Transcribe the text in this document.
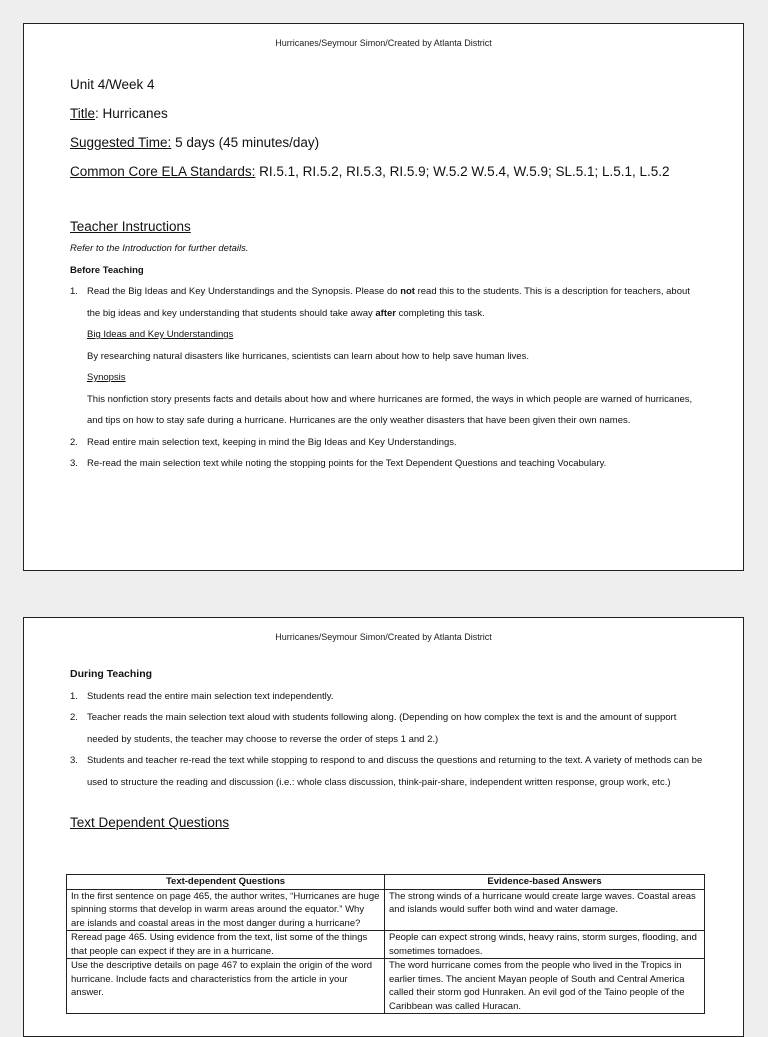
Hurricanes/Seymour Simon/Created by Atlanta District
Unit 4/Week 4
Title: Hurricanes
Suggested Time: 5 days (45 minutes/day)
Common Core ELA Standards: RI.5.1, RI.5.2, RI.5.3, RI.5.9; W.5.2 W.5.4, W.5.9; SL.5.1; L.5.1, L.5.2
Teacher Instructions
Refer to the Introduction for further details.
Before Teaching
1. Read the Big Ideas and Key Understandings and the Synopsis. Please do not read this to the students. This is a description for teachers, about the big ideas and key understanding that students should take away after completing this task.
Big Ideas and Key Understandings
By researching natural disasters like hurricanes, scientists can learn about how to help save human lives.
Synopsis
This nonfiction story presents facts and details about how and where hurricanes are formed, the ways in which people are warned of hurricanes, and tips on how to stay safe during a hurricane. Hurricanes are the only weather disasters that have been given their own names.
2. Read entire main selection text, keeping in mind the Big Ideas and Key Understandings.
3. Re-read the main selection text while noting the stopping points for the Text Dependent Questions and teaching Vocabulary.
Hurricanes/Seymour Simon/Created by Atlanta District
During Teaching
1. Students read the entire main selection text independently.
2. Teacher reads the main selection text aloud with students following along. (Depending on how complex the text is and the amount of support needed by students, the teacher may choose to reverse the order of steps 1 and 2.)
3. Students and teacher re-read the text while stopping to respond to and discuss the questions and returning to the text. A variety of methods can be used to structure the reading and discussion (i.e.: whole class discussion, think-pair-share, independent written response, group work, etc.)
Text Dependent Questions
Text-dependent Questions	Evidence-based Answers
In the first sentence on page 465, the author writes, “Hurricanes are huge spinning storms that develop in warm areas around the equator.” Why are islands and coastal areas in the most danger during a hurricane?	The strong winds of a hurricane would create large waves. Coastal areas and islands would suffer both wind and water damage.
Reread page 465. Using evidence from the text, list some of the things that people can expect if they are in a hurricane.	People can expect strong winds, heavy rains, storm surges, flooding, and sometimes tornadoes.
Use the descriptive details on page 467 to explain the origin of the word hurricane. Include facts and characteristics from the article in your answer.	The word hurricane comes from the people who lived in the Tropics in earlier times. The ancient Mayan people of South and Central America called their storm god Hunraken. An evil god of the Taino people of the Caribbean was called Huracan.
